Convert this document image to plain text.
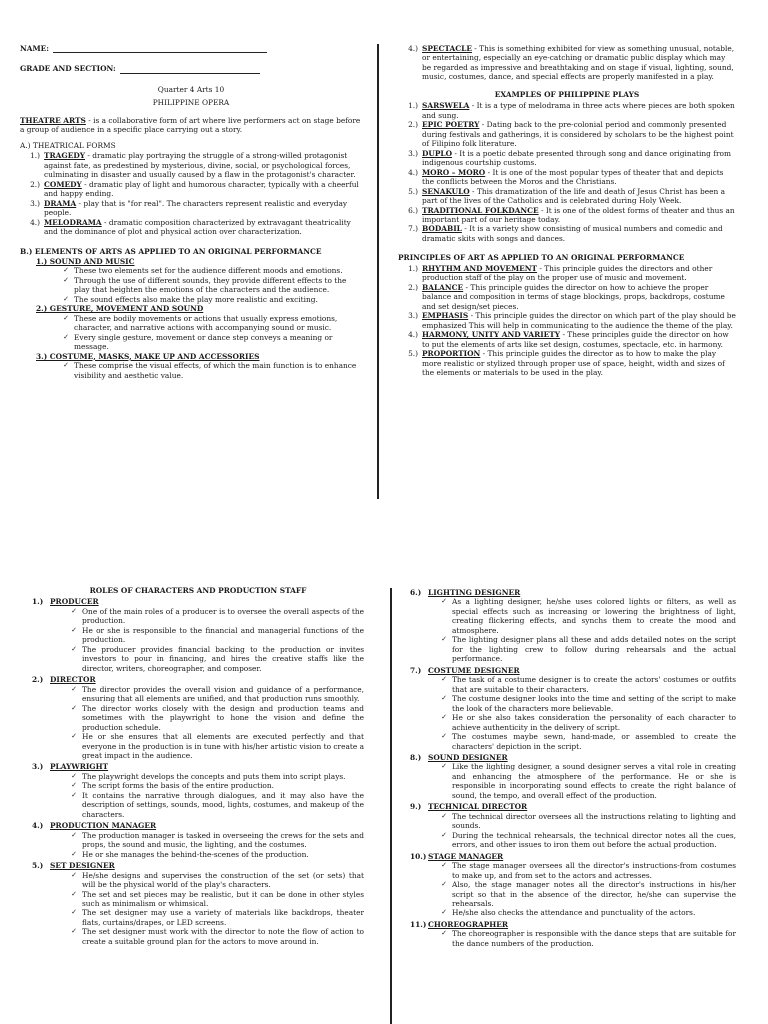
NAME:
GRADE AND SECTION:
Quarter 4 Arts 10
PHILIPPINE OPERA

THEATRE ARTS - is a collaborative form of art where live performers act on stage before a group of audience in a specific place carrying out a story.

A.) THEATRICAL FORMS
1.) TRAGEDY - dramatic play portraying the struggle of a strong-willed protagonist against fate, as predestined by mysterious, divine, social, or psychological forces, culminating in disaster and usually caused by a flaw in the protagonist's character.
2.) COMEDY - dramatic play of light and humorous character, typically with a cheerful and happy ending.
3.) DRAMA - play that is "for real". The characters represent realistic and everyday people.
4.) MELODRAMA - dramatic composition characterized by extravagant theatricality and the dominance of plot and physical action over characterization.
B.) ELEMENTS OF ARTS AS APPLIED TO AN ORIGINAL PERFORMANCE
1.) SOUND AND MUSIC
✓ These two elements set for the audience different moods and emotions.
✓ Through the use of different sounds, they provide different effects to the play that heighten the emotions of the characters and the audience.
✓ The sound effects also make the play more realistic and exciting.
2.) GESTURE, MOVEMENT AND SOUND
✓ These are bodily movements or actions that usually express emotions, character, and narrative actions with accompanying sound or music.
✓ Every single gesture, movement or dance step conveys a meaning or message.
3.) COSTUME, MASKS, MAKE UP AND ACCESSORIES
✓ These comprise the visual effects, of which the main function is to enhance visibility and aesthetic value.
4.) SPECTACLE - This is something exhibited for view as something unusual, notable, or entertaining, especially an eye-catching or dramatic public display which may be regarded as impressive and breathtaking and on stage if visual, lighting, sound, music, costumes, dance, and special effects are properly manifested in a play.
EXAMPLES OF PHILIPPINE PLAYS
1.) SARSWELA - It is a type of melodrama in three acts where pieces are both spoken and sung.
2.) EPIC POETRY - Dating back to the pre-colonial period and commonly presented during festivals and gatherings, it is considered by scholars to be the highest point of Filipino folk literature.
3.) DUPLO - It is a poetic debate presented through song and dance originating from indigenous courtship customs.
4.) MORO – MORO - It is one of the most popular types of theater that and depicts the conflicts between the Moros and the Christians.
5.) SENAKULO - This dramatization of the life and death of Jesus Christ has been a part of the lives of the Catholics and is celebrated during Holy Week.
6.) TRADITIONAL FOLKDANCE - It is one of the oldest forms of theater and thus an important part of our heritage today.
7.) BODABIL - It is a variety show consisting of musical numbers and comedic and dramatic skits with songs and dances.
PRINCIPLES OF ART AS APPLIED TO AN ORIGINAL PERFORMANCE
1.) RHYTHM AND MOVEMENT - This principle guides the directors and other production staff of the play on the proper use of music and movement.
2.) BALANCE - This principle guides the director on how to achieve the proper balance and composition in terms of stage blockings, props, backdrops, costume and set design/set pieces.
3.) EMPHASIS - This principle guides the director on which part of the play should be emphasized This will help in communicating to the audience the theme of the play.
4.) HARMONY, UNITY AND VARIETY - These principles guide the director on how to put the elements of arts like set design, costumes, spectacle, etc. in harmony.
5.) PROPORTION - This principle guides the director as to how to make the play more realistic or stylized through proper use of space, height, width and sizes of the elements or materials to be used in the play.
ROLES OF CHARACTERS AND PRODUCTION STAFF
1.) PRODUCER
✓ One of the main roles of a producer is to oversee the overall aspects of the production.
✓ He or she is responsible to the financial and managerial functions of the production.
✓ The producer provides financial backing to the production or invites investors to pour in financing, and hires the creative staffs like the director, writers, choreographer, and composer.
2.) DIRECTOR
✓ The director provides the overall vision and guidance of a performance, ensuring that all elements are unified, and that production runs smoothly.
✓ The director works closely with the design and production teams and sometimes with the playwright to hone the vision and define the production schedule.
✓ He or she ensures that all elements are executed perfectly and that everyone in the production is in tune with his/her artistic vision to create a great impact in the audience.
3.) PLAYWRIGHT
✓ The playwright develops the concepts and puts them into script plays.
✓ The script forms the basis of the entire production.
✓ It contains the narrative through dialogues, and it may also have the description of settings, sounds, mood, lights, costumes, and makeup of the characters.
4.) PRODUCTION MANAGER
✓ The production manager is tasked in overseeing the crews for the sets and props, the sound and music, the lighting, and the costumes.
✓ He or she manages the behind-the-scenes of the production.
5.) SET DESIGNER
✓ He/she designs and supervises the construction of the set (or sets) that will be the physical world of the play's characters.
✓ The set and set pieces may be realistic, but it can be done in other styles such as minimalism or whimsical.
✓ The set designer may use a variety of materials like backdrops, theater flats, curtains/drapes, or LED screens.
✓ The set designer must work with the director to note the flow of action to create a suitable ground plan for the actors to move around in.
6.) LIGHTING DESIGNER
✓ As a lighting designer, he/she uses colored lights or filters, as well as special effects such as increasing or lowering the brightness of light, creating flickering effects, and synchs them to create the mood and atmosphere.
✓ The lighting designer plans all these and adds detailed notes on the script for the lighting crew to follow during rehearsals and the actual performance.
7.) COSTUME DESIGNER
✓ The task of a costume designer is to create the actors' costumes or outfits that are suitable to their characters.
✓ The costume designer looks into the time and setting of the script to make the look of the characters more believable.
✓ He or she also takes consideration the personality of each character to achieve authenticity in the delivery of script.
✓ The costumes maybe sewn, hand-made, or assembled to create the characters' depiction in the script.
8.) SOUND DESIGNER
✓ Like the lighting designer, a sound designer serves a vital role in creating and enhancing the atmosphere of the performance. He or she is responsible in incorporating sound effects to create the right balance of sound, the tempo, and overall effect of the production.
9.) TECHNICAL DIRECTOR
✓ The technical director oversees all the instructions relating to lighting and sounds.
✓ During the technical rehearsals, the technical director notes all the cues, errors, and other issues to iron them out before the actual production.
10.) STAGE MANAGER
✓ The stage manager oversees all the director's instructions-from costumes to make up, and from set to the actors and actresses.
✓ Also, the stage manager notes all the director's instructions in his/her script so that in the absence of the director, he/she can supervise the rehearsals.
✓ He/she also checks the attendance and punctuality of the actors.
11.) CHOREOGRAPHER
✓ The choreographer is responsible with the dance steps that are suitable for the dance numbers of the production.
